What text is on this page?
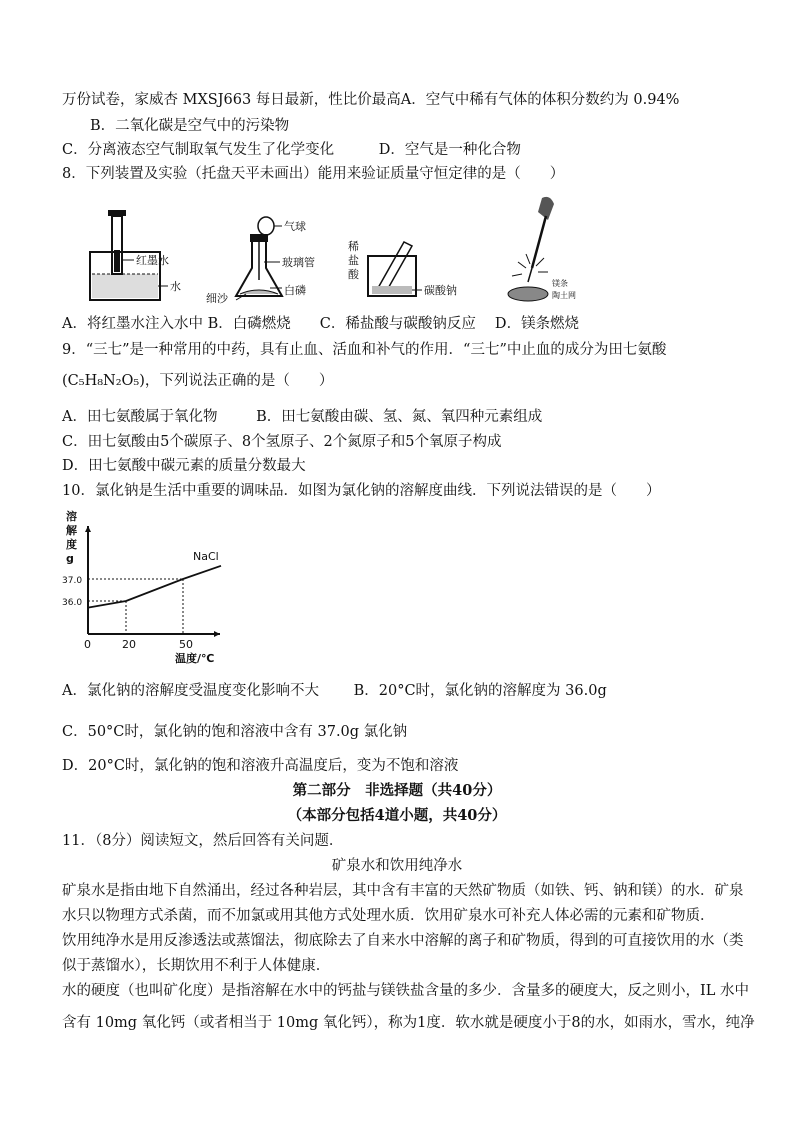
万份试卷，家威杏 MXSJ663 每日最新，性比价最高A．空气中稀有气体的体积分数约为 0.94%
B．二氧化碳是空气中的污染物
C．分离液态空气制取氧气发生了化学变化	D．空气是一种化合物
8．下列装置及实验（托盘天平未画出）能用来验证质量守恒定律的是（　　）
红墨水
水
气球
玻璃管
细沙
白磷
稀
盐
酸
碳酸钠
镁条
陶土网
A．将红墨水注入水中 B．白磷燃烧　　C．稀盐酸与碳酸钠反应　 D．镁条燃烧
9．“三七”是一种常用的中药，具有止血、活血和补气的作用．“三七”中止血的成分为田七氨酸
(C₅H₈N₂O₅)，下列说法正确的是（　　）
A．田七氨酸属于氧化物	B．田七氨酸由碳、氢、氮、氧四种元素组成
C．田七氨酸由5个碳原子、8个氢原子、2个氮原子和5个氧原子构成
D．田七氨酸中碳元素的质量分数最大
10．氯化钠是生活中重要的调味品．如图为氯化钠的溶解度曲线．下列说法错误的是（　　）
溶解度 g
温度/℃
NaCl
0	20	50
37.0
36.0
A．氯化钠的溶解度受温度变化影响不大 B．20°C时，氯化钠的溶解度为 36.0g
C．50°C时，氯化钠的饱和溶液中含有 37.0g 氯化钠
D．20°C时，氯化钠的饱和溶液升高温度后，变为不饱和溶液
第二部分　非选择题（共40分）
（本部分包括4道小题，共40分）
11．（8分）阅读短文，然后回答有关问题．
矿泉水和饮用纯净水
矿泉水是指由地下自然涌出，经过各种岩层，其中含有丰富的天然矿物质（如铁、钙、钠和镁）的水．矿泉
水只以物理方式杀菌，而不加氯或用其他方式处理水质．饮用矿泉水可补充人体必需的元素和矿物质．
饮用纯净水是用反渗透法或蒸馏法，彻底除去了自来水中溶解的离子和矿物质，得到的可直接饮用的水（类
似于蒸馏水），长期饮用不利于人体健康．
水的硬度（也叫矿化度）是指溶解在水中的钙盐与镁铁盐含量的多少．含量多的硬度大，反之则小，IL 水中
含有 10mg 氧化钙（或者相当于 10mg 氧化钙），称为1度．软水就是硬度小于8的水，如雨水，雪水，纯净
